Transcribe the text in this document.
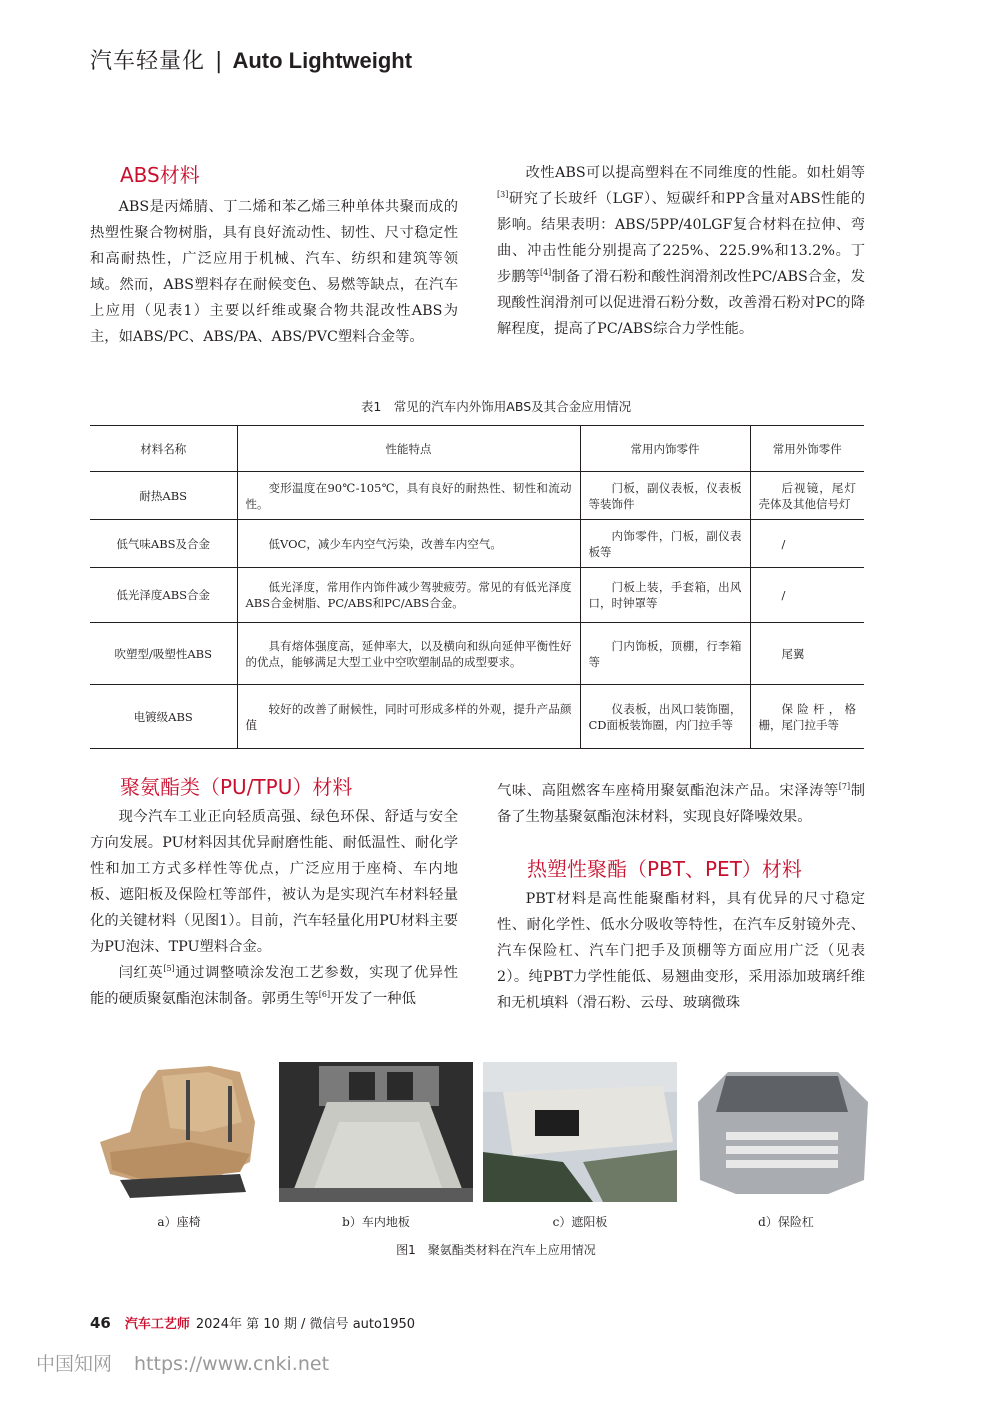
汽车轻量化 | Auto Lightweight
ABS材料

ABS是丙烯腈、丁二烯和苯乙烯三种单体共聚而成的热塑性聚合物树脂，具有良好流动性、韧性、尺寸稳定性和高耐热性，广泛应用于机械、汽车、纺织和建筑等领域。然而，ABS塑料存在耐候变色、易燃等缺点，在汽车上应用（见表1）主要以纤维或聚合物共混改性ABS为主，如ABS/PC、ABS/PA、ABS/PVC塑料合金等。

改性ABS可以提高塑料在不同维度的性能。如杜娟等[3]研究了长玻纤（LGF）、短碳纤和PP含量对ABS性能的影响。结果表明：ABS/5PP/40LGF复合材料在拉伸、弯曲、冲击性能分别提高了225%、225.9%和13.2%。丁步鹏等[4]制备了滑石粉和酸性润滑剂改性PC/ABS合金，发现酸性润滑剂可以促进滑石粉分数，改善滑石粉对PC的降解程度，提高了PC/ABS综合力学性能。

表1　常见的汽车内外饰用ABS及其合金应用情况
材料名称	性能特点	常用内饰零件	常用外饰零件
耐热ABS	变形温度在90℃-105℃，具有良好的耐热性、韧性和流动性。	门板，副仪表板，仪表板等装饰件	后视镜，尾灯壳体及其他信号灯
低气味ABS及合金	低VOC，减少车内空气污染，改善车内空气。	内饰零件，门板，副仪表板等	/
低光泽度ABS合金	低光泽度，常用作内饰件减少驾驶疲劳。常见的有低光泽度ABS合金树脂、PC/ABS和PC/ABS合金。	门板上装，手套箱，出风口，时钟罩等	/
吹塑型/吸塑性ABS	具有熔体强度高，延伸率大，以及横向和纵向延伸平衡性好的优点，能够满足大型工业中空吹塑制品的成型要求。	门内饰板，顶棚，行李箱等	尾翼
电镀级ABS	较好的改善了耐候性，同时可形成多样的外观，提升产品颜值	仪表板，出风口装饰圈，CD面板装饰圈，内门拉手等	保险杆，格栅，尾门拉手等
聚氨酯类（PU/TPU）材料

现今汽车工业正向轻质高强、绿色环保、舒适与安全方向发展。PU材料因其优异耐磨性能、耐低温性、耐化学性和加工方式多样性等优点，广泛应用于座椅、车内地板、遮阳板及保险杠等部件，被认为是实现汽车材料轻量化的关键材料（见图1）。目前，汽车轻量化用PU材料主要为PU泡沫、TPU塑料合金。

闫红英[5]通过调整喷涂发泡工艺参数，实现了优异性能的硬质聚氨酯泡沫制备。郭勇生等[6]开发了一种低

气味、高阻燃客车座椅用聚氨酯泡沫产品。宋泽涛等[7]制备了生物基聚氨酯泡沫材料，实现良好降噪效果。

热塑性聚酯（PBT、PET）材料

PBT材料是高性能聚酯材料，具有优异的尺寸稳定性、耐化学性、低水分吸收等特性，在汽车反射镜外壳、汽车保险杠、汽车门把手及顶棚等方面应用广泛（见表2）。纯PBT力学性能低、易翘曲变形，采用添加玻璃纤维和无机填料（滑石粉、云母、玻璃微珠

a）座椅	b）车内地板	c）遮阳板	d）保险杠
图1　聚氨酯类材料在汽车上应用情况
46 汽车工艺师 2024年 第 10 期 / 微信号 auto1950
中国知网 https://www.cnki.net
